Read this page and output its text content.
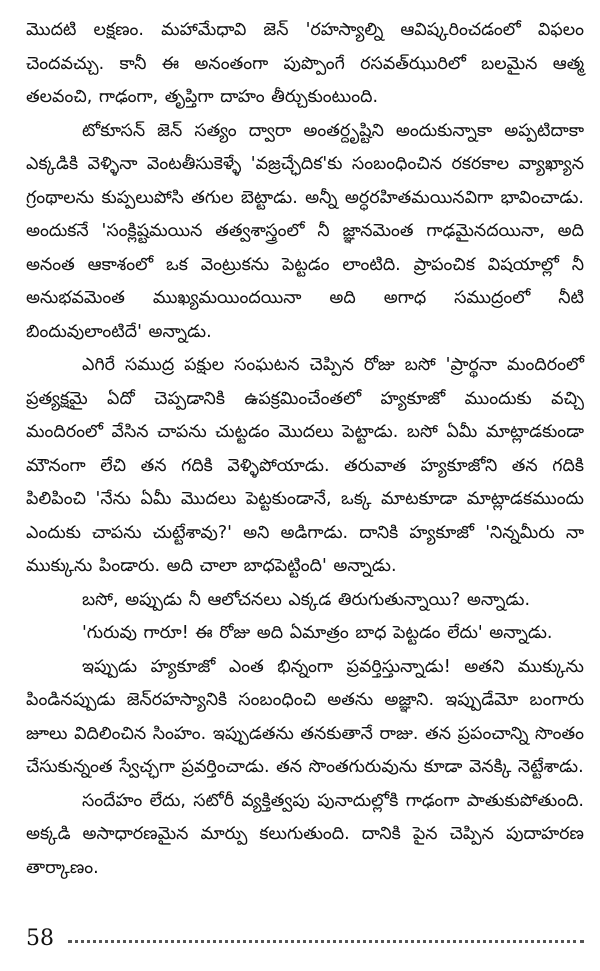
మొదటి లక్షణం. మహామేధావి జెన్ 'రహస్యాల్ని ఆవిష్కరించడంలో విఫలం చెందవచ్చు. కానీ ఈ అనంతంగా పుప్పొంగే రసవత్‌ఝురిలో బలమైన ఆత్మ తలవంచి, గాఢంగా, తృప్తిగా దాహం తీర్చుకుంటుంది.

టోకూసన్ జెన్ సత్యం ద్వారా అంతర్దృష్టిని అందుకున్నాకా అప్పటిదాకా ఎక్కడికి వెళ్ళినా వెంటతీసుకెళ్ళే 'వజ్రచ్ఛేదిక'కు సంబంధించిన రకరకాల వ్యాఖ్యాన గ్రంథాలను కుప్పలుపోసి తగుల బెట్టాడు. అన్నీ అర్ధరహితమయినవిగా భావించాడు. అందుకనే 'సంక్లిష్టమయిన తత్వశాస్త్రంలో నీ జ్ఞానమెంత గాఢమైనదయినా, అది అనంత ఆకాశంలో ఒక వెంట్రుకను పెట్టడం లాంటిది. ప్రాపంచిక విషయాల్లో నీ అనుభవమెంత ముఖ్యమయిందయినా అది అగాధ సముద్రంలో నీటి బిందువులాంటిదే' అన్నాడు.

ఎగిరే సముద్ర పక్షుల సంఘటన చెప్పిన రోజు బసో 'ప్రార్థనా మందిరంలో ప్రత్యక్షమై ఏదో చెప్పడానికి ఉపక్రమించేంతలో హ్యకూజో ముందుకు వచ్చి మందిరంలో వేసిన చాపను చుట్టడం మొదలు పెట్టాడు. బసో ఏమీ మాట్లాడకుండా మౌనంగా లేచి తన గదికి వెళ్ళిపోయాడు. తరువాత హ్యకూజోని తన గదికి పిలిపించి 'నేను ఏమీ మొదలు పెట్టకుండానే, ఒక్క మాటకూడా మాట్లాడకముందు ఎందుకు చాపను చుట్టేశావు?' అని అడిగాడు. దానికి హ్యకూజో 'నిన్నమీరు నా ముక్కును పిండారు. అది చాలా బాధపెట్టింది' అన్నాడు.

బసో, అప్పుడు నీ ఆలోచనలు ఎక్కడ తిరుగుతున్నాయి? అన్నాడు.

'గురువు గారూ! ఈ రోజు అది ఏమాత్రం బాధ పెట్టడం లేదు' అన్నాడు.

ఇప్పుడు హ్యకూజో ఎంత భిన్నంగా ప్రవర్తిస్తున్నాడు! అతని ముక్కును పిండినప్పుడు జెన్‌రహస్యానికి సంబంధించి అతను అజ్ఞాని. ఇప్పుడేమో బంగారు జూలు విదిలించిన సింహం. ఇప్పుడతను తనకుతానే రాజు. తన ప్రపంచాన్ని సొంతం చేసుకున్నంత స్వేచ్ఛగా ప్రవర్తించాడు. తన సొంతగురువును కూడా వెనక్కి నెట్టేశాడు.

సందేహం లేదు, సటోరీ వ్యక్తిత్వపు పునాదుల్లోకి గాఢంగా పాతుకుపోతుంది. అక్కడి అసాధారణమైన మార్పు కలుగుతుంది. దానికి పైన చెప్పిన పుదాహరణ తార్కాణం.

58
